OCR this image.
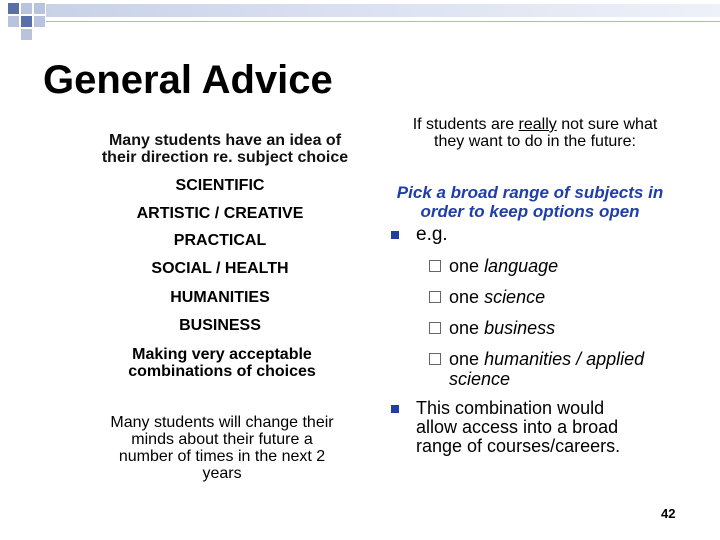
General Advice
Many students have an idea of
their direction re. subject choice
SCIENTIFIC
ARTISTIC / CREATIVE
PRACTICAL
SOCIAL / HEALTH
HUMANITIES
BUSINESS
Making very acceptable
combinations of choices
Many students will change their
minds about their future a
number of times in the next 2
years
If students are really not sure what
they want to do in the future:
Pick a broad range of subjects in
order to keep options open
e.g.
one language
one science
one business
one humanities / applied
science
This combination would
allow access into a broad
range of courses/careers.
42
